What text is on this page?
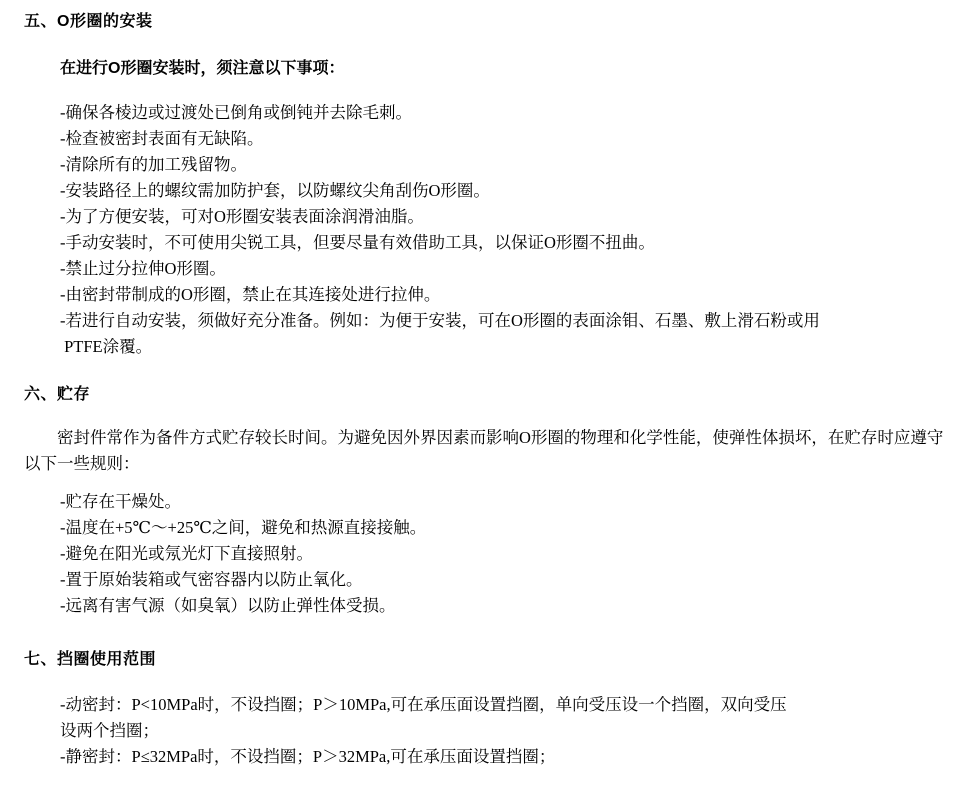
五、O形圈的安装
在进行O形圈安装时，须注意以下事项：
-确保各棱边或过渡处已倒角或倒钝并去除毛刺。
-检查被密封表面有无缺陷。
-清除所有的加工残留物。
-安装路径上的螺纹需加防护套，以防螺纹尖角刮伤O形圈。
-为了方便安装，可对O形圈安装表面涂润滑油脂。
-手动安装时，不可使用尖锐工具，但要尽量有效借助工具，以保证O形圈不扭曲。
-禁止过分拉伸O形圈。
-由密封带制成的O形圈，禁止在其连接处进行拉伸。
-若进行自动安装，须做好充分准备。例如：为便于安装，可在O形圈的表面涂钼、石墨、敷上滑石粉或用
PTFE涂覆。
六、贮存

密封件常作为备件方式贮存较长时间。为避免因外界因素而影响O形圈的物理和化学性能，使弹性体损坏，在贮存时应遵守以下一些规则：

-贮存在干燥处。
-温度在+5℃～+25℃之间，避免和热源直接接触。
-避免在阳光或氖光灯下直接照射。
-置于原始装箱或气密容器内以防止氧化。
-远离有害气源（如臭氧）以防止弹性体受损。
七、挡圈使用范围
-动密封：P<10MPa时，不设挡圈；P＞10MPa,可在承压面设置挡圈，单向受压设一个挡圈，双向受压
设两个挡圈；
-静密封：P≤32MPa时，不设挡圈；P＞32MPa,可在承压面设置挡圈；
